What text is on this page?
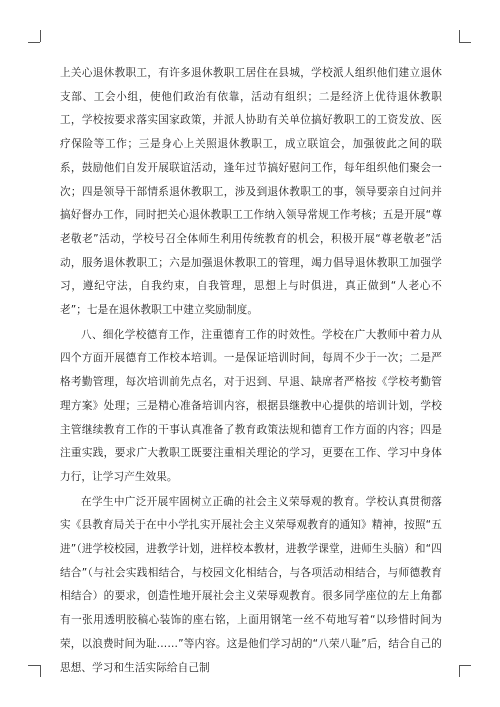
上关心退休教职工，有许多退休教职工居住在县城，学校派人组织他们建立退休支部、工会小组，使他们政治有依靠，活动有组织；二是经济上优待退休教职工，学校按要求落实国家政策，并派人协助有关单位搞好教职工的工资发放、医疗保险等工作；三是身心上关照退休教职工，成立联谊会，加强彼此之间的联系，鼓励他们自发开展联谊活动，逢年过节搞好慰问工作，每年组织他们聚会一次；四是领导干部情系退休教职工，涉及到退休教职工的事，领导要亲自过问并搞好督办工作，同时把关心退休教职工工作纳入领导常规工作考核；五是开展“尊老敬老”活动，学校号召全体师生利用传统教育的机会，积极开展“尊老敬老”活动，服务退休教职工；六是加强退休教职工的管理，竭力倡导退休教职工加强学习，遵纪守法，自我约束，自我管理，思想上与时俱进，真正做到“人老心不老”；七是在退休教职工中建立奖励制度。

八、细化学校德育工作，注重德育工作的时效性。学校在广大教师中着力从四个方面开展德育工作校本培训。一是保证培训时间，每周不少于一次；二是严格考勤管理，每次培训前先点名，对于迟到、早退、缺席者严格按《学校考勤管理方案》处理；三是精心准备培训内容，根据县继教中心提供的培训计划，学校主管继续教育工作的干事认真准备了教育政策法规和德育工作方面的内容；四是注重实践，要求广大教职工既要注重相关理论的学习，更要在工作、学习中身体力行，让学习产生效果。

在学生中广泛开展牢固树立正确的社会主义荣辱观的教育。学校认真贯彻落实《县教育局关于在中小学扎实开展社会主义荣辱观教育的通知》精神，按照“五进”（进学校校园，进教学计划，进样校本教材，进教学课堂，进师生头脑）和“四结合”（与社会实践相结合，与校园文化相结合，与各项活动相结合，与师德教育相结合）的要求，创造性地开展社会主义荣辱观教育。很多同学座位的左上角都有一张用透明胶稿心装饰的座右铭，上面用钢笔一丝不苟地写着“以珍惜时间为荣，以浪费时间为耻……”等内容。这是他们学习胡的“八荣八耻”后，结合自己的思想、学习和生活实际给自己制
